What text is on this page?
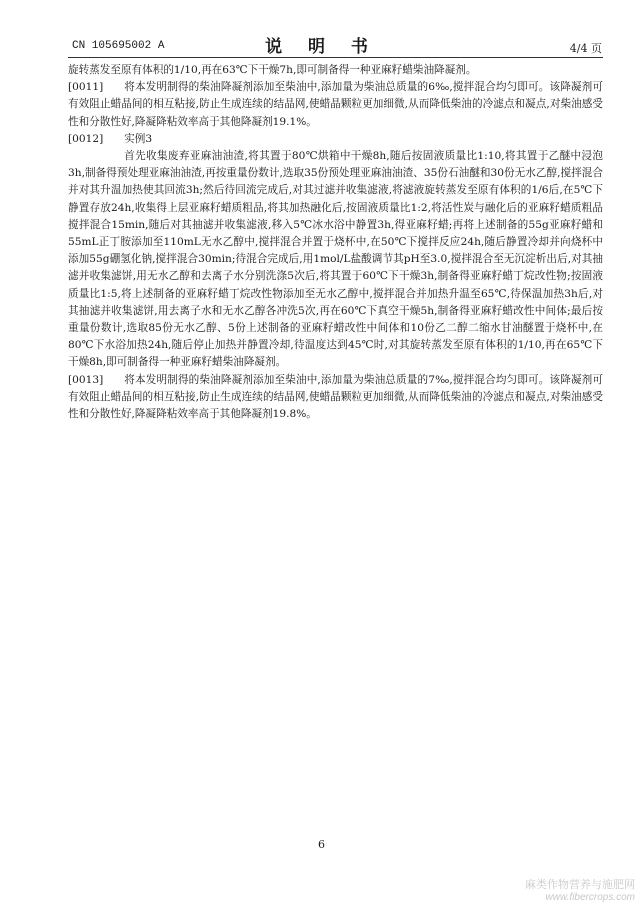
CN 105695002 A	说 明 书	4/4 页

旋转蒸发至原有体积的1/10,再在63℃下干燥7h,即可制备得一种亚麻籽蜡柴油降凝剂。

[0011] 将本发明制得的柴油降凝剂添加至柴油中,添加量为柴油总质量的6‰,搅拌混合均匀即可。该降凝剂可有效阻止蜡晶间的相互粘接,防止生成连续的结晶网,使蜡晶颗粒更加细微,从而降低柴油的冷滤点和凝点,对柴油感受性和分散性好,降凝降粘效率高于其他降凝剂19.1%。

[0012] 实例3

首先收集废弃亚麻油油渣,将其置于80℃烘箱中干燥8h,随后按固液质量比1:10,将其置于乙醚中浸泡3h,制备得预处理亚麻油油渣,再按重量份数计,选取35份预处理亚麻油油渣、35份石油醚和30份无水乙醇,搅拌混合并对其升温加热使其回流3h;然后待回流完成后,对其过滤并收集滤液,将滤液旋转蒸发至原有体积的1/6后,在5℃下静置存放24h,收集得上层亚麻籽蜡质粗品,将其加热融化后,按固液质量比1:2,将活性炭与融化后的亚麻籽蜡质粗品搅拌混合15min,随后对其抽滤并收集滤液,移入5℃冰水浴中静置3h,得亚麻籽蜡;再将上述制备的55g亚麻籽蜡和55mL正丁胺添加至110mL无水乙醇中,搅拌混合并置于烧杯中,在50℃下搅拌反应24h,随后静置冷却并向烧杯中添加55g硼氢化钠,搅拌混合30min;待混合完成后,用1mol/L盐酸调节其pH至3.0,搅拌混合至无沉淀析出后,对其抽滤并收集滤饼,用无水乙醇和去离子水分别洗涤5次后,将其置于60℃下干燥3h,制备得亚麻籽蜡丁烷改性物;按固液质量比1:5,将上述制备的亚麻籽蜡丁烷改性物添加至无水乙醇中,搅拌混合并加热升温至65℃,待保温加热3h后,对其抽滤并收集滤饼,用去离子水和无水乙醇各冲洗5次,再在60℃下真空干燥5h,制备得亚麻籽蜡改性中间体;最后按重量份数计,选取85份无水乙醇、5份上述制备的亚麻籽蜡改性中间体和10份乙二醇二缩水甘油醚置于烧杯中,在80℃下水浴加热24h,随后停止加热并静置冷却,待温度达到45℃时,对其旋转蒸发至原有体积的1/10,再在65℃下干燥8h,即可制备得一种亚麻籽蜡柴油降凝剂。

[0013] 将本发明制得的柴油降凝剂添加至柴油中,添加量为柴油总质量的7‰,搅拌混合均匀即可。该降凝剂可有效阻止蜡晶间的相互粘接,防止生成连续的结晶网,使蜡晶颗粒更加细微,从而降低柴油的冷滤点和凝点,对柴油感受性和分散性好,降凝降粘效率高于其他降凝剂19.8%。

6
麻类作物营养与施肥网
www.fibercrops.com
